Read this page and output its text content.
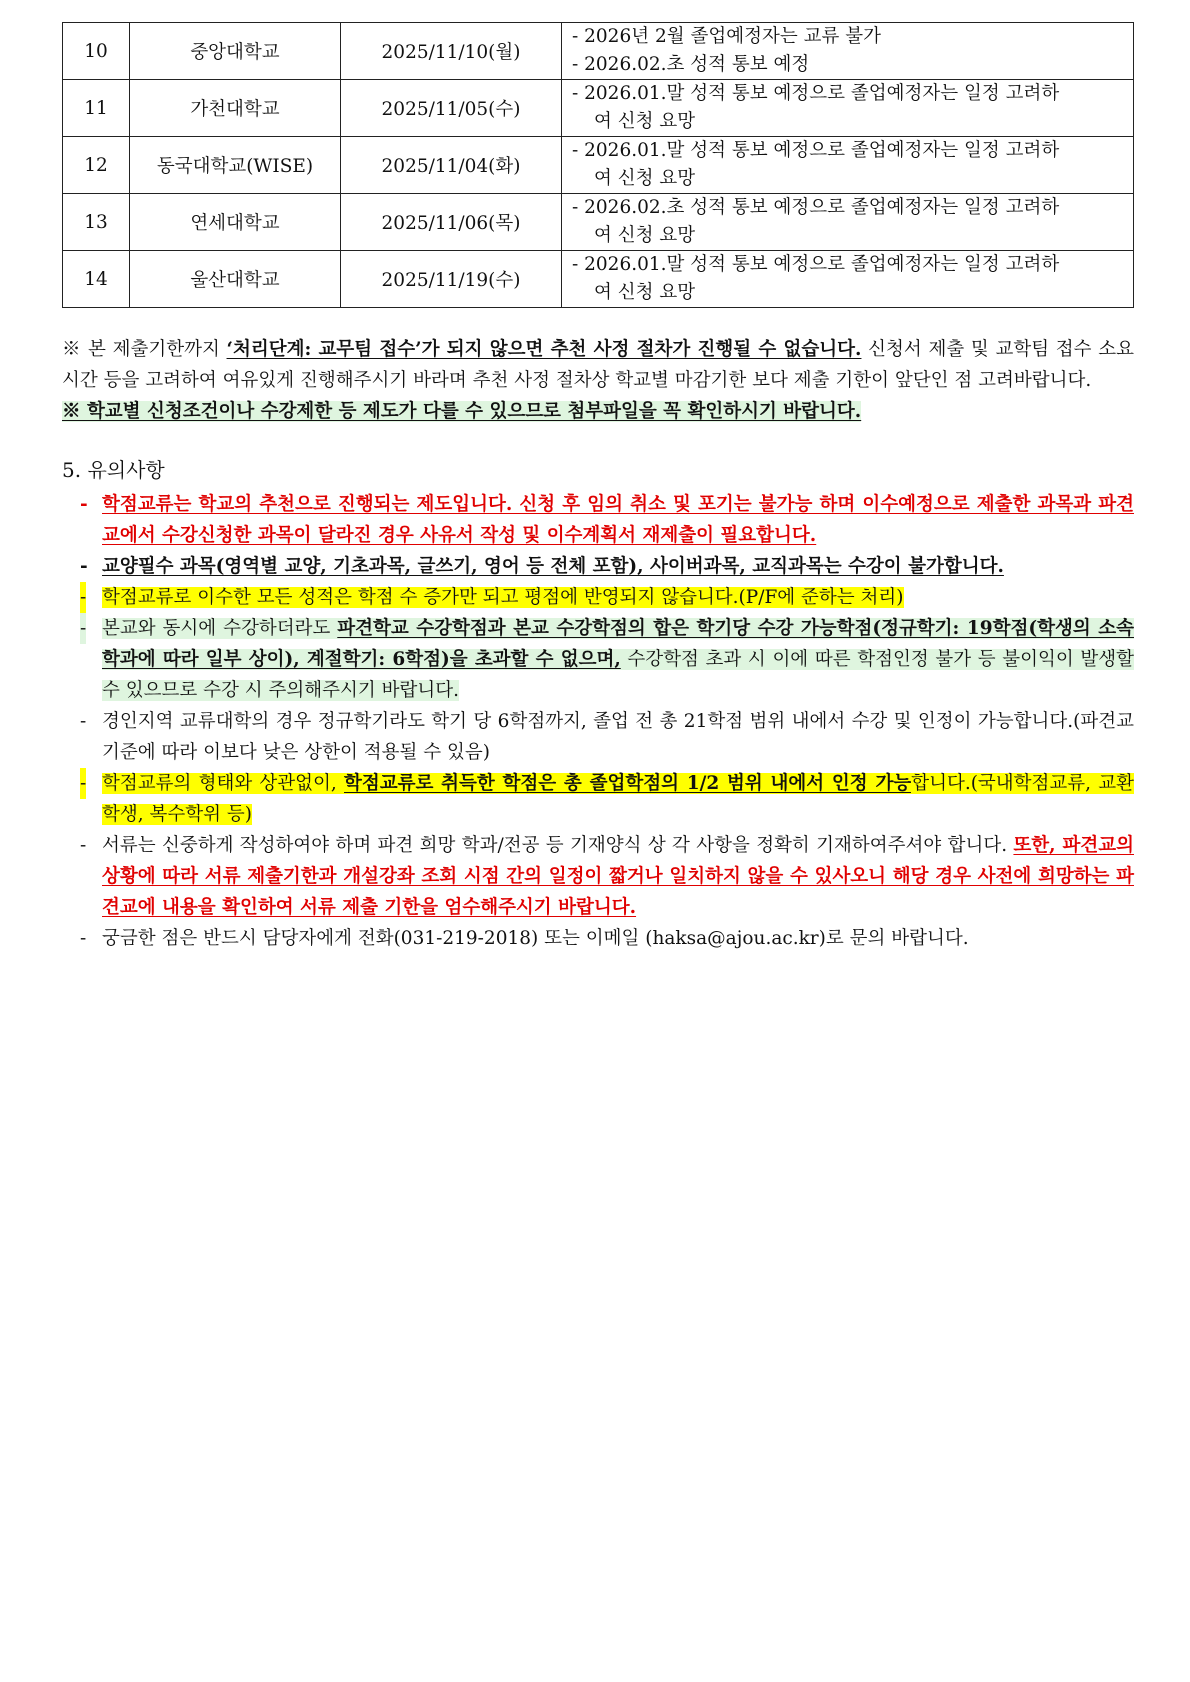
10	중앙대학교	2025/11/10(월)	- 2026년 2월 졸업예정자는 교류 불가
- 2026.02.초 성적 통보 예정

11	가천대학교	2025/11/05(수)	- 2026.01.말 성적 통보 예정으로 졸업예정자는 일정 고려하
여 신청 요망

12	동국대학교(WISE)	2025/11/04(화)	- 2026.01.말 성적 통보 예정으로 졸업예정자는 일정 고려하
여 신청 요망

13	연세대학교	2025/11/06(목)	- 2026.02.초 성적 통보 예정으로 졸업예정자는 일정 고려하
여 신청 요망

14	울산대학교	2025/11/19(수)	- 2026.01.말 성적 통보 예정으로 졸업예정자는 일정 고려하
여 신청 요망

※ 본 제출기한까지 ‘처리단계: 교무팀 접수’가 되지 않으면 추천 사정 절차가 진행될 수 없습니다. 신청서 제출 및 교학팀 접수 소요시간 등을 고려하여 여유있게 진행해주시기 바라며 추천 사정 절차상 학교별 마감기한 보다 제출 기한이 앞단인 점 고려바랍니다.

※ 학교별 신청조건이나 수강제한 등 제도가 다를 수 있으므로 첨부파일을 꼭 확인하시기 바랍니다.

5. 유의사항

- 학점교류는 학교의 추천으로 진행되는 제도입니다. 신청 후 임의 취소 및 포기는 불가능 하며 이수예정으로 제출한 과목과 파견교에서 수강신청한 과목이 달라진 경우 사유서 작성 및 이수계획서 재제출이 필요합니다.
- 교양필수 과목(영역별 교양, 기초과목, 글쓰기, 영어 등 전체 포함), 사이버과목, 교직과목는 수강이 불가합니다.
- 학점교류로 이수한 모든 성적은 학점 수 증가만 되고 평점에 반영되지 않습니다.(P/F에 준하는 처리)
- 본교와 동시에 수강하더라도 파견학교 수강학점과 본교 수강학점의 합은 학기당 수강 가능학점(정규학기: 19학점(학생의 소속학과에 따라 일부 상이), 계절학기: 6학점)을 초과할 수 없으며, 수강학점 초과 시 이에 따른 학점인정 불가 등 불이익이 발생할 수 있으므로 수강 시 주의해주시기 바랍니다.
- 경인지역 교류대학의 경우 정규학기라도 학기 당 6학점까지, 졸업 전 총 21학점 범위 내에서 수강 및 인정이 가능합니다.(파견교 기준에 따라 이보다 낮은 상한이 적용될 수 있음)
- 학점교류의 형태와 상관없이, 학점교류로 취득한 학점은 총 졸업학점의 1/2 범위 내에서 인정 가능합니다.(국내학점교류, 교환학생, 복수학위 등)
- 서류는 신중하게 작성하여야 하며 파견 희망 학과/전공 등 기재양식 상 각 사항을 정확히 기재하여주셔야 합니다. 또한, 파견교의 상황에 따라 서류 제출기한과 개설강좌 조회 시점 간의 일정이 짧거나 일치하지 않을 수 있사오니 해당 경우 사전에 희망하는 파견교에 내용을 확인하여 서류 제출 기한을 엄수해주시기 바랍니다.
- 궁금한 점은 반드시 담당자에게 전화(031-219-2018) 또는 이메일 (haksa@ajou.ac.kr)로 문의 바랍니다.
